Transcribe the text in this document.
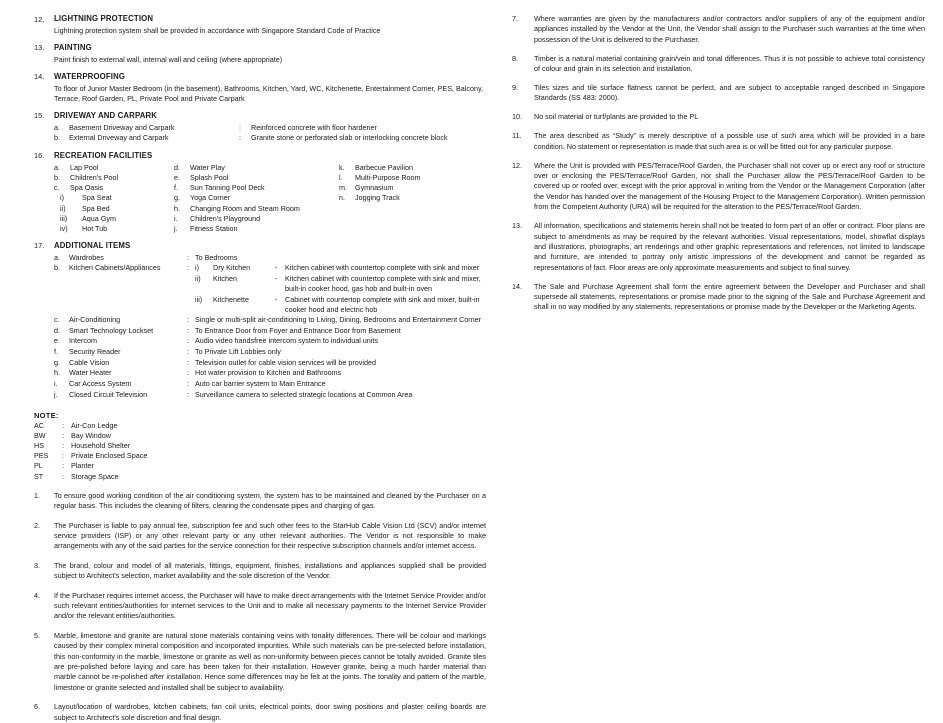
12.	LIGHTNING PROTECTION
Lightning protection system shall be provided in accordance with Singapore Standard Code of Practice
13.	PAINTING
Paint finish to external wall, internal wall and ceiling (where appropriate)
14.	WATERPROOFING
To floor of Junior Master Bedroom (in the basement), Bathrooms, Kitchen, Yard, WC, Kitchenette, Entertainment Corner, PES, Balcony, Terrace, Roof Garden, PL, Private Pool and Private Carpark
15.	DRIVEWAY AND CARPARK
a.	Basement Driveway and Carpark	:	Reinforced concrete with floor hardener
b.	External Driveway and Carpark	:	Granite stone or perforated slab or interlocking concrete block
16.	RECREATION FACILITIES
a.	Lap Pool
b.	Children's Pool
c.	Spa Oasis
i)	Spa Seat
ii)	Spa Bed
iii)	Aqua Gym
iv)	Hot Tub
d.	Water Play
e.	Splash Pool
f.	Sun Tanning Pool Deck
g.	Yoga Corner
h.	Changing Room and Steam Room
i.	Children's Playground
j.	Fitness Station
k.	Barbecue Pavilion
l.	Multi-Purpose Room
m.	Gymnasium
n.	Jogging Track
17.	ADDITIONAL ITEMS
a.	Wardrobes	: To Bedrooms
b.	Kitchen Cabinets/Appliances	: i)	Dry Kitchen	-	Kitchen cabinet with countertop complete with sink and mixer
ii)	Kitchen	-	Kitchen cabinet with countertop complete with sink and mixer, built-in cooker hood, gas hob and built-in oven
iii)	Kitchenette	-	Cabinet with countertop complete with sink and mixer, built-in cooker hood and electric hob
c.	Air-Conditioning	: Single or multi-split air-conditioning to Living, Dining, Bedrooms and Entertainment Corner
d.	Smart Technology Lockset	: To Entrance Door from Foyer and Entrance Door from Basement
e.	Intercom	: Audio video handsfree intercom system to individual units
f.	Security Reader	: To Private Lift Lobbies only
g.	Cable Vision	: Television outlet for cable vision services will be provided
h.	Water Heater	: Hot water provision to Kitchen and Bathrooms
i.	Car Access System	: Auto car barrier system to Main Entrance
j.	Closed Circuit Television	: Surveillance camera to selected strategic locations at Common Area
NOTE:
AC	: Air-Con Ledge
BW	: Bay Window
HS	: Household Shelter
PES	: Private Enclosed Space
PL	: Planter
ST	: Storage Space
1.	To ensure good working condition of the air conditioning system, the system has to be maintained and cleaned by the Purchaser on a regular basis. This includes the cleaning of filters, clearing the condensate pipes and charging of gas.
2.	The Purchaser is liable to pay annual fee, subscription fee and such other fees to the StarHub Cable Vision Ltd (SCV) and/or internet service providers (ISP) or any other relevant party or any other relevant authorities. The Vendor is not responsible to make arrangements with any of the said parties for the service connection for their respective subscription channels and/or internet access.
3.	The brand, colour and model of all materials, fittings, equipment, finishes, installations and appliances supplied shall be provided subject to Architect's selection, market availability and the sole discretion of the Vendor.
4.	If the Purchaser requires internet access, the Purchaser will have to make direct arrangements with the Internet Service Provider and/or such relevant entities/authorities for internet services to the Unit and to make all necessary payments to the Internet Service Provider and/or the relevant entities/authorities.
5.	Marble, limestone and granite are natural stone materials containing veins with tonality differences. There will be colour and markings caused by their complex mineral composition and incorporated impurities. While such materials can be pre-selected before installation, this non-conformity in the marble, limestone or granite as well as non-uniformity between pieces cannot be totally avoided. Granite tiles are pre-polished before laying and care has been taken for their installation. However granite, being a much harder material than marble cannot be re-polished after installation. Hence some differences may be felt at the joints. The tonality and pattern of the marble, limestone or granite selected and installed shall be subject to availability.
6.	Layout/location of wardrobes, kitchen cabinets, fan coil units, electrical points, door swing positions and plaster ceiling boards are subject to Architect's sole discretion and final design.
7.	Where warranties are given by the manufacturers and/or contractors and/or suppliers of any of the equipment and/or appliances installed by the Vendor at the Unit, the Vendor shall assign to the Purchaser such warranties at the time when possession of the Unit is delivered to the Purchaser.
8.	Timber is a natural material containing grain/vein and tonal differences. Thus it is not possible to achieve total consistency of colour and grain in its selection and installation.
9.	Tiles sizes and tile surface flatness cannot be perfect, and are subject to acceptable ranged described in Singapore Standards (SS 483: 2000).
10.	No soil material or turf/plants are provided to the PL
11.	The area described as “Study” is merely descriptive of a possible use of such area which will be provided in a bare condition. No statement or representation is made that such area is or will be fitted out for any particular purpose.
12.	Where the Unit is provided with PES/Terrace/Roof Garden, the Purchaser shall not cover up or erect any roof or structure over or enclosing the PES/Terrace/Roof Garden, nor shall the Purchaser allow the PES/Terrace/Roof Garden to be covered up or roofed over, except with the prior approval in writing from the Vendor or the Management Corporation (after the Vendor has handed over the management of the Housing Project to the Management Corporation). Written permission from the Competent Authority (URA) will be required for the alteration to the PES/Terrace/Roof Garden.
13.	All information, specifications and statements herein shall not be treated to form part of an offer or contract. Floor plans are subject to amendments as may be required by the relevant authorities. Visual representations, model, showflat displays and illustrations, photographs, art renderings and other graphic representations and references, not limited to landscape and furniture, are intended to portray only artistic impressions of the development and cannot be regarded as representations of fact. Floor areas are only approximate measurements and subject to final survey.
14.	The Sale and Purchase Agreement shall form the entire agreement between the Developer and Purchaser and shall supersede all statements, representations or promise made prior to the signing of the Sale and Purchase Agreement and shall in no way modified by any statements, representations or promise made by the Developer or the Marketing Agents.
